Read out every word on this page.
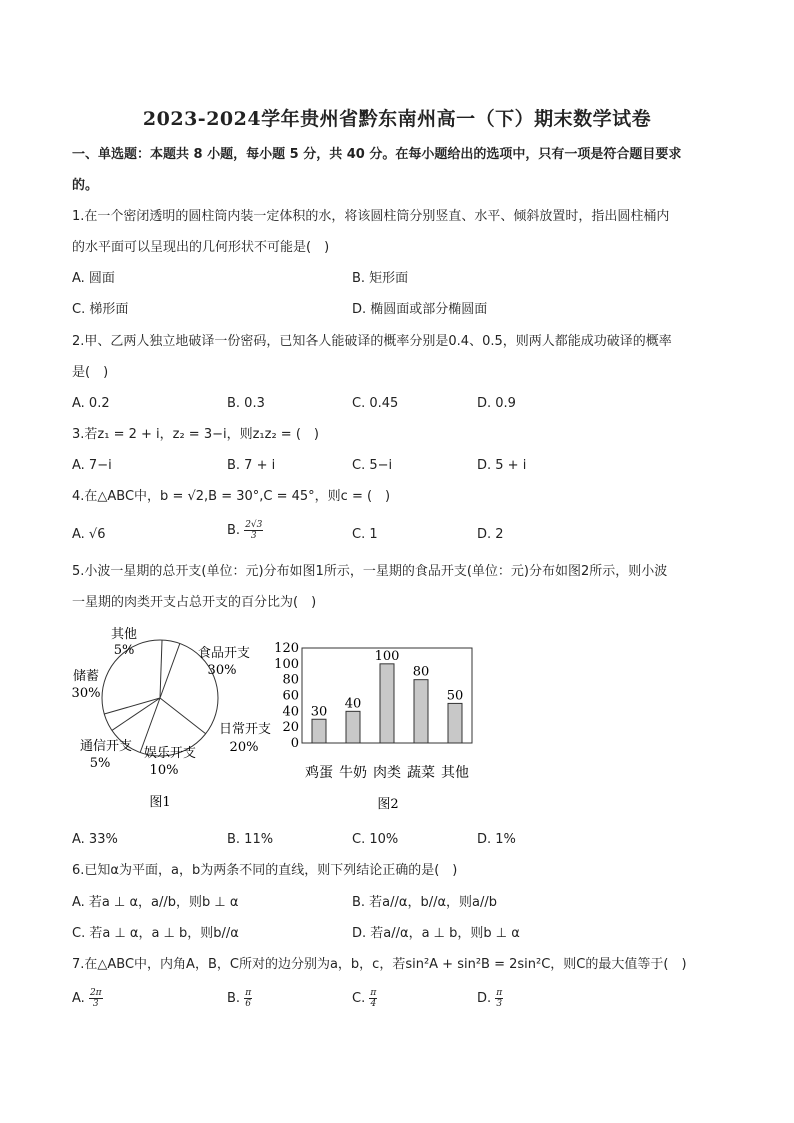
2023-2024学年贵州省黔东南州高一（下）期末数学试卷
一、单选题：本题共 8 小题，每小题 5 分，共 40 分。在每小题给出的选项中，只有一项是符合题目要求
的。
1.在一个密闭透明的圆柱筒内装一定体积的水，将该圆柱筒分别竖直、水平、倾斜放置时，指出圆柱桶内
的水平面可以呈现出的几何形状不可能是(　)
A. 圆面	B. 矩形面
C. 梯形面	D. 椭圆面或部分椭圆面
2.甲、乙两人独立地破译一份密码，已知各人能破译的概率分别是0.4、0.5，则两人都能成功破译的概率
是(　)
A. 0.2	B. 0.3	C. 0.45	D. 0.9
3.若z₁ = 2 + i，z₂ = 3−i，则z₁z₂ = (　)
A. 7−i	B. 7 + i	C. 5−i	D. 5 + i
4.在△ABC中，b = √2,B = 30°,C = 45°，则c = (　)
A. √6	B. $\frac{2√3}{3}$	C. 1	D. 2
5.小波一星期的总开支(单位：元)分布如图1所示，一星期的食品开支(单位：元)分布如图2所示，则小波
一星期的肉类开支占总开支的百分比为(　)
其他
5%	食品开支
30%
储蓄
30%
日常开支
20%
通信开支
5%
娱乐开支
10%
图1
0
20
40
60
80
100
120
30
鸡蛋
40
牛奶
100
肉类
80
蔬菜
50
其他
图2
A. 33%	B. 11%	C. 10%	D. 1%
6.已知α为平面，a，b为两条不同的直线，则下列结论正确的是(　)
A. 若a ⊥ α，a//b，则b ⊥ α	B. 若a//α，b//α，则a//b
C. 若a ⊥ α，a ⊥ b，则b//α	D. 若a//α，a ⊥ b，则b ⊥ α
7.在△ABC中，内角A，B，C所对的边分别为a，b，c，若sin²A + sin²B = 2sin²C，则C的最大值等于(　)
A. $\frac{2\pi}{3}$	B. $\frac{\pi}{6}$	C. $\frac{\pi}{4}$	D. $\frac{\pi}{3}$
